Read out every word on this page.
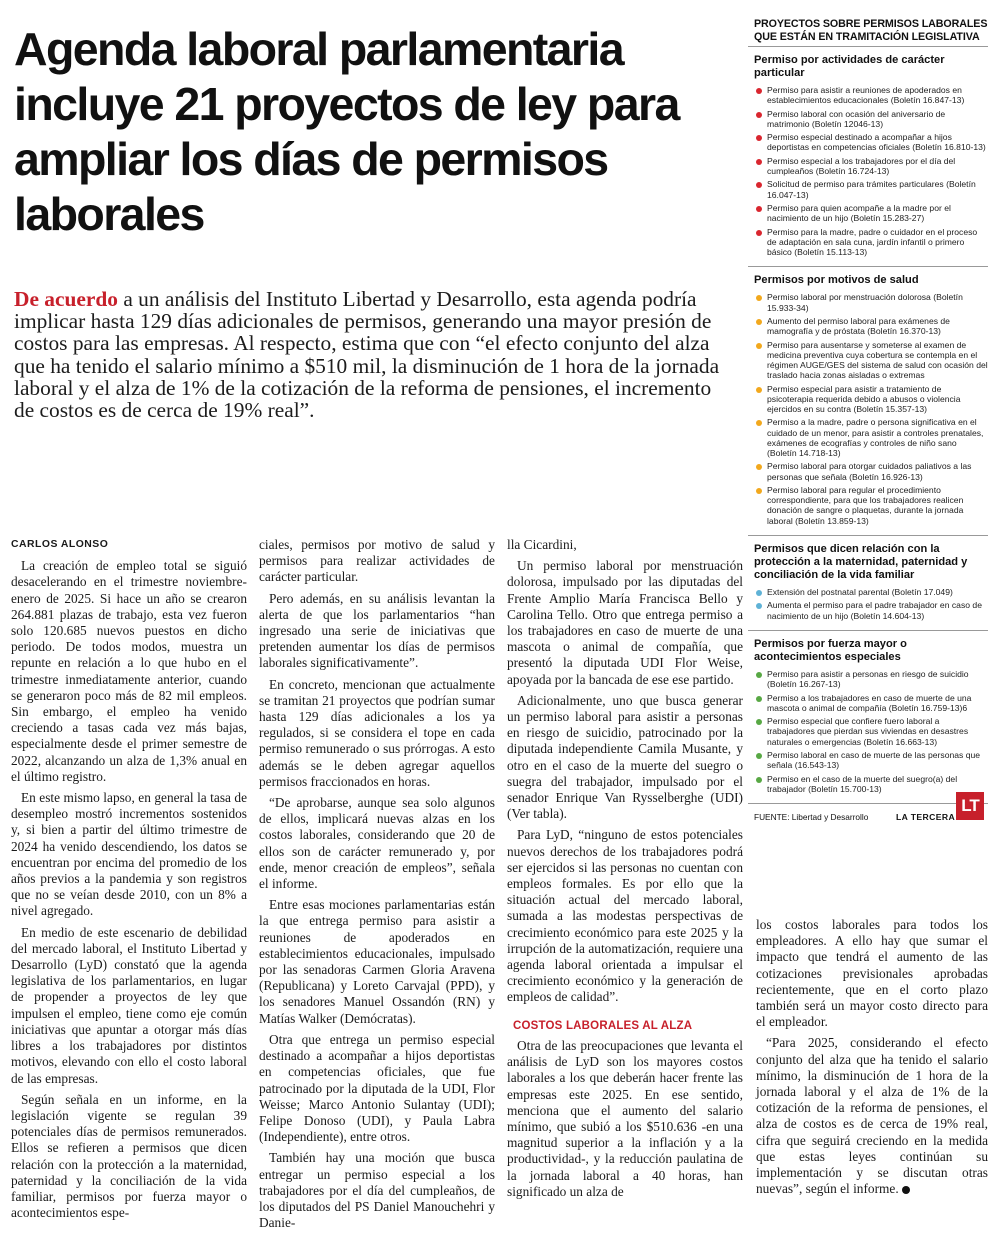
Agenda laboral parlamentaria incluye 21 proyectos de ley para ampliar los días de permisos laborales

De acuerdo a un análisis del Instituto Libertad y Desarrollo, esta agenda podría implicar hasta 129 días adicionales de permisos, generando una mayor presión de costos para las empresas. Al respecto, estima que con “el efecto conjunto del alza que ha tenido el salario mínimo a $510 mil, la disminución de 1 hora de la jornada laboral y el alza de 1% de la cotización de la reforma de pensiones, el incremento de costos es de cerca de 19% real”.

CARLOS ALONSO

La creación de empleo total se siguió desacelerando en el trimestre noviembre-enero de 2025. Si hace un año se crearon 264.881 plazas de trabajo, esta vez fueron solo 120.685 nuevos puestos en dicho periodo. De todos modos, muestra un repunte en relación a lo que hubo en el trimestre inmediatamente anterior, cuando se generaron poco más de 82 mil empleos. Sin embargo, el empleo ha venido creciendo a tasas cada vez más bajas, especialmente desde el primer semestre de 2022, alcanzando un alza de 1,3% anual en el último registro.

En este mismo lapso, en general la tasa de desempleo mostró incrementos sostenidos y, si bien a partir del último trimestre de 2024 ha venido descendiendo, los datos se encuentran por encima del promedio de los años previos a la pandemia y son registros que no se veían desde 2010, con un 8% a nivel agregado.

En medio de este escenario de debilidad del mercado laboral, el Instituto Libertad y Desarrollo (LyD) constató que la agenda legislativa de los parlamentarios, en lugar de propender a proyectos de ley que impulsen el empleo, tiene como eje común iniciativas que apuntar a otorgar más días libres a los trabajadores por distintos motivos, elevando con ello el costo laboral de las empresas.

Según señala en un informe, en la legislación vigente se regulan 39 potenciales días de permisos remunerados. Ellos se refieren a permisos que dicen relación con la protección a la maternidad, paternidad y la conciliación de la vida familiar, permisos por fuerza mayor o acontecimientos espe-

ciales, permisos por motivo de salud y permisos para realizar actividades de carácter particular.

Pero además, en su análisis levantan la alerta de que los parlamentarios “han ingresado una serie de iniciativas que pretenden aumentar los días de permisos laborales significativamente”.

En concreto, mencionan que actualmente se tramitan 21 proyectos que podrían sumar hasta 129 días adicionales a los ya regulados, si se considera el tope en cada permiso remunerado o sus prórrogas. A esto además se le deben agregar aquellos permisos fraccionados en horas.

“De aprobarse, aunque sea solo algunos de ellos, implicará nuevas alzas en los costos laborales, considerando que 20 de ellos son de carácter remunerado y, por ende, menor creación de empleos”, señala el informe.

Entre esas mociones parlamentarias están la que entrega permiso para asistir a reuniones de apoderados en establecimientos educacionales, impulsado por las senadoras Carmen Gloria Aravena (Republicana) y Loreto Carvajal (PPD), y los senadores Manuel Ossandón (RN) y Matías Walker (Demócratas).

Otra que entrega un permiso especial destinado a acompañar a hijos deportistas en competencias oficiales, que fue patrocinado por la diputada de la UDI, Flor Weisse; Marco Antonio Sulantay (UDI); Felipe Donoso (UDI), y Paula Labra (Independiente), entre otros.

También hay una moción que busca entregar un permiso especial a los trabajadores por el día del cumpleaños, de los diputados del PS Daniel Manouchehri y Danie-

lla Cicardini,

Un permiso laboral por menstruación dolorosa, impulsado por las diputadas del Frente Amplio María Francisca Bello y Carolina Tello. Otro que entrega permiso a los trabajadores en caso de muerte de una mascota o animal de compañía, que presentó la diputada UDI Flor Weise, apoyada por la bancada de ese ese partido.

Adicionalmente, uno que busca generar un permiso laboral para asistir a personas en riesgo de suicidio, patrocinado por la diputada independiente Camila Musante, y otro en el caso de la muerte del suegro o suegra del trabajador, impulsado por el senador Enrique Van Rysselberghe (UDI) (Ver tabla).

Para LyD, “ninguno de estos potenciales nuevos derechos de los trabajadores podrá ser ejercidos si las personas no cuentan con empleos formales. Es por ello que la situación actual del mercado laboral, sumada a las modestas perspectivas de crecimiento económico para este 2025 y la irrupción de la automatización, requiere una agenda laboral orientada a impulsar el crecimiento económico y la generación de empleos de calidad”.

COSTOS LABORALES AL ALZA

Otra de las preocupaciones que levanta el análisis de LyD son los mayores costos laborales a los que deberán hacer frente las empresas este 2025. En ese sentido, menciona que el aumento del salario mínimo, que subió a los $510.636 -en una magnitud superior a la inflación y a la productividad-, y la reducción paulatina de la jornada laboral a 40 horas, han significado un alza de

los costos laborales para todos los empleadores. A ello hay que sumar el impacto que tendrá el aumento de las cotizaciones previsionales aprobadas recientemente, que en el corto plazo también será un mayor costo directo para el empleador.

“Para 2025, considerando el efecto conjunto del alza que ha tenido el salario mínimo, la disminución de 1 hora de la jornada laboral y el alza de 1% de la cotización de la reforma de pensiones, el alza de costos es de cerca de 19% real, cifra que seguirá creciendo en la medida que estas leyes continúan su implementación y se discutan otras nuevas”, según el informe.

PROYECTOS SOBRE PERMISOS LABORALES QUE ESTÁN EN TRAMITACIÓN LEGISLATIVA
Permiso por actividades de carácter particular
Permiso para asistir a reuniones de apoderados en establecimientos educacionales (Boletín 16.847-13)
Permiso laboral con ocasión del aniversario de matrimonio (Boletín 12046-13)
Permiso especial destinado a acompañar a hijos deportistas en competencias oficiales (Boletín 16.810-13)
Permiso especial a los trabajadores por el día del cumpleaños (Boletín 16.724-13)
Solicitud de permiso para trámites particulares (Boletín 16.047-13)
Permiso para quien acompañe a la madre por el nacimiento de un hijo (Boletín 15.283-27)
Permiso para la madre, padre o cuidador en el proceso de adaptación en sala cuna, jardín infantil o primero básico (Boletín 15.113-13)
Permisos por motivos de salud
Permiso laboral por menstruación dolorosa (Boletín 15.933-34)
Aumento del permiso laboral para exámenes de mamografía y de próstata (Boletín 16.370-13)
Permiso para ausentarse y someterse al examen de medicina preventiva cuya cobertura se contempla en el régimen AUGE/GES del sistema de salud con ocasión del traslado hacia zonas aisladas o extremas
Permiso especial para asistir a tratamiento de psicoterapia requerida debido a abusos o violencia ejercidos en su contra (Boletín 15.357-13)
Permiso a la madre, padre o persona significativa en el cuidado de un menor, para asistir a controles prenatales, exámenes de ecografías y controles de niño sano (Boletín 14.718-13)
Permiso laboral para otorgar cuidados paliativos a las personas que señala (Boletín 16.926-13)
Permiso laboral para regular el procedimiento correspondiente, para que los trabajadores realicen donación de sangre o plaquetas, durante la jornada laboral (Boletín 13.859-13)
Permisos que dicen relación con la protección a la maternidad, paternidad y conciliación de la vida familiar
Extensión del postnatal parental (Boletín 17.049)
Aumenta el permiso para el padre trabajador en caso de nacimiento de un hijo (Boletín 14.604-13)
Permisos por fuerza mayor o acontecimientos especiales
Permiso para asistir a personas en riesgo de suicidio (Boletín 16.267-13)
Permiso a los trabajadores en caso de muerte de una mascota o animal de compañía (Boletín 16.759-13)6
Permiso especial que confiere fuero laboral a trabajadores que pierdan sus viviendas en desastres naturales o emergencias (Boletín 16.663-13)
Permiso laboral en caso de muerte de las personas que señala (16.543-13)
Permiso en el caso de la muerte del suegro(a) del trabajador (Boletín 15.700-13)
FUENTE: Libertad y Desarrollo	LA TERCERA
LT
